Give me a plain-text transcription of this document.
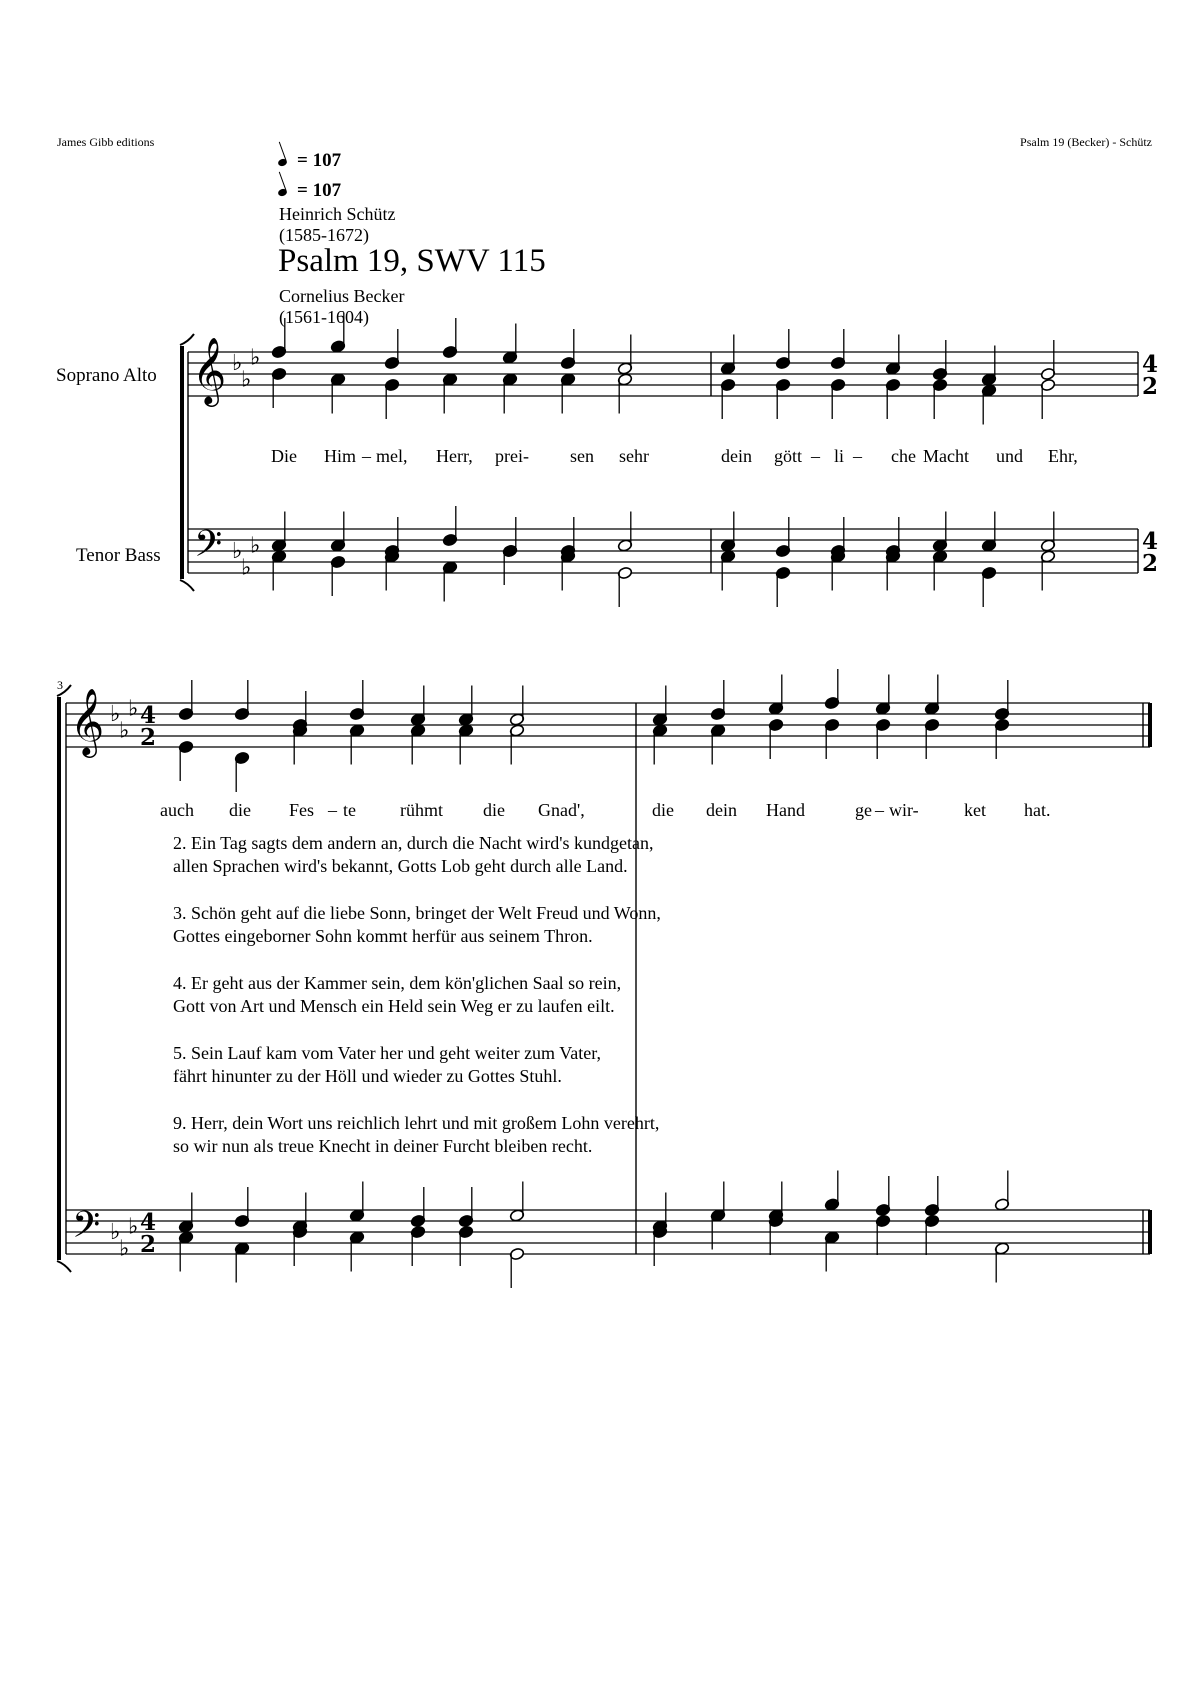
James Gibb editions	Psalm 19 (Becker) - Schütz
= 107
= 107
Heinrich Schütz
(1585-1672)
Psalm 19, SWV 115
Cornelius Becker
(1561-1604)
Soprano Alto
Tenor Bass
3
Die Him – mel, Herr, prei- sen sehr	dein gött – li – che Macht und Ehr,
auch die Fes – te rühmt die Gnad',	die dein Hand	ge – wir-	ket hat.
2. Ein Tag sagts dem andern an, durch die Nacht wird's kundgetan,
allen Sprachen wird's bekannt, Gotts Lob geht durch alle Land.
3. Schön geht auf die liebe Sonn, bringet der Welt Freud und Wonn,
Gottes eingeborner Sohn kommt herfür aus seinem Thron.
4. Er geht aus der Kammer sein, dem kön'glichen Saal so rein,
Gott von Art und Mensch ein Held sein Weg er zu laufen eilt.
5. Sein Lauf kam vom Vater her und geht weiter zum Vater,
fährt hinunter zu der Höll und wieder zu Gottes Stuhl.
9. Herr, dein Wort uns reichlich lehrt und mit großem Lohn verehrt,
so wir nun als treue Knecht in deiner Furcht bleiben recht.
𝄞
𝄢
𝄞
𝄢
♭
♭
♭
♭
♭
♭
♭
♭
♭
♭
♭
♭
4
2
4
2
4
2
4
2
